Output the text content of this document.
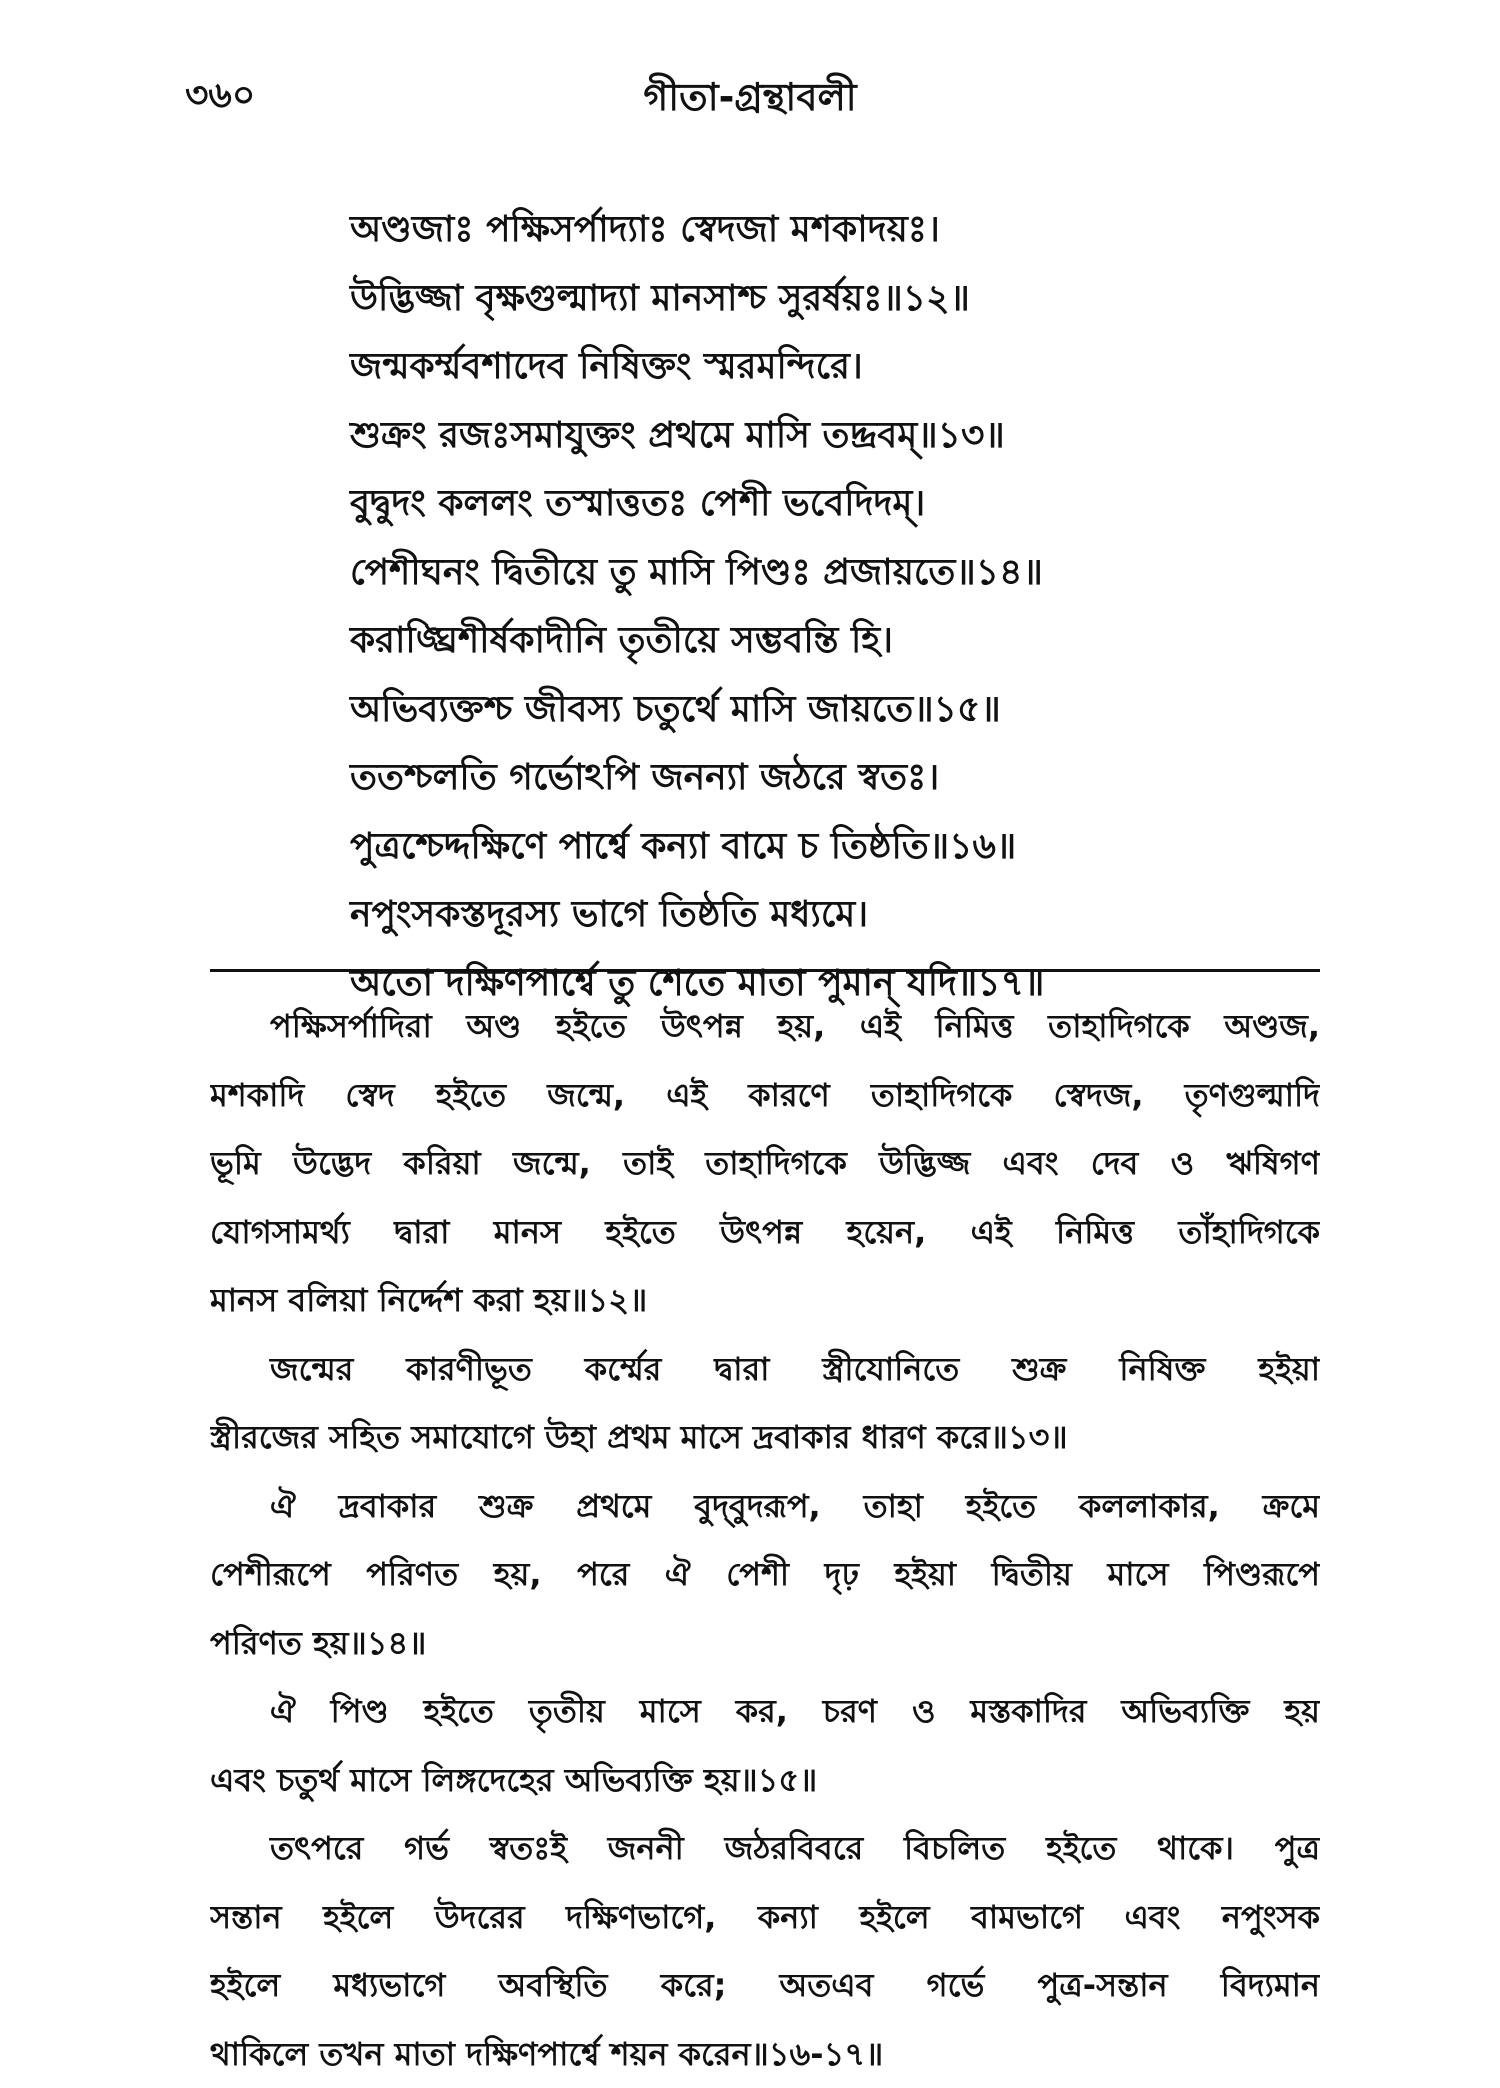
৩৬০	গীতা-গ্রন্থাবলী
অণ্ডজাঃ পক্ষিসর্পাদ্যাঃ স্বেদজা মশকাদয়ঃ।
উদ্ভিজ্জা বৃক্ষগুল্মাদ্যা মানসাশ্চ সুরর্ষয়ঃ॥১২॥
জন্মকর্ম্মবশাদেব নিষিক্তং স্মরমন্দিরে।
শুক্রং রজঃসমাযুক্তং প্রথমে মাসি তদ্দ্রবম্॥১৩॥
বুদ্বুদং কললং তস্মাত্ততঃ পেশী ভবেদিদম্।
পেশীঘনং দ্বিতীয়ে তু মাসি পিণ্ডঃ প্রজায়তে॥১৪॥
করাঙ্ঘ্রিশীর্ষকাদীনি তৃতীয়ে সম্ভবন্তি হি।
অভিব্যক্তশ্চ জীবস্য চতুর্থে মাসি জায়তে॥১৫॥
ততশ্চলতি গর্ভোঽপি জনন্যা জঠরে স্বতঃ।
পুত্রশ্চেদ্দক্ষিণে পার্শ্বে কন্যা বামে চ তিষ্ঠতি॥১৬॥
নপুংসকস্তদূরস্য ভাগে তিষ্ঠতি মধ্যমে।
অতো দক্ষিণপার্শ্বে তু শেতে মাতা পুমান্ যদি॥১৭॥
পক্ষিসর্পাদিরা অণ্ড হইতে উৎপন্ন হয়, এই নিমিত্ত তাহাদিগকে অণ্ডজ,
মশকাদি স্বেদ হইতে জন্মে, এই কারণে তাহাদিগকে স্বেদজ, তৃণগুল্মাদি
ভূমি উদ্ভেদ করিয়া জন্মে, তাই তাহাদিগকে উদ্ভিজ্জ এবং দেব ও ঋষিগণ
যোগসামর্থ্য দ্বারা মানস হইতে উৎপন্ন হয়েন, এই নিমিত্ত তাঁহাদিগকে
মানস বলিয়া নির্দ্দেশ করা হয়॥১২॥
জন্মের কারণীভূত কর্ম্মের দ্বারা স্ত্রীযোনিতে শুক্র নিষিক্ত হইয়া
স্ত্রীরজের সহিত সমাযোগে উহা প্রথম মাসে দ্রবাকার ধারণ করে॥১৩॥
ঐ দ্রবাকার শুক্র প্রথমে বুদ্‌বুদরূপ, তাহা হইতে কললাকার, ক্রমে
পেশীরূপে পরিণত হয়, পরে ঐ পেশী দৃঢ় হইয়া দ্বিতীয় মাসে পিণ্ডরূপে
পরিণত হয়॥১৪॥
ঐ পিণ্ড হইতে তৃতীয় মাসে কর, চরণ ও মস্তকাদির অভিব্যক্তি হয়
এবং চতুর্থ মাসে লিঙ্গদেহের অভিব্যক্তি হয়॥১৫॥
তৎপরে গর্ভ স্বতঃই জননী জঠরবিবরে বিচলিত হইতে থাকে। পুত্র
সন্তান হইলে উদরের দক্ষিণভাগে, কন্যা হইলে বামভাগে এবং নপুংসক
হইলে মধ্যভাগে অবস্থিতি করে; অতএব গর্ভে পুত্র-সন্তান বিদ্যমান
থাকিলে তখন মাতা দক্ষিণপার্শ্বে শয়ন করেন॥১৬-১৭॥
